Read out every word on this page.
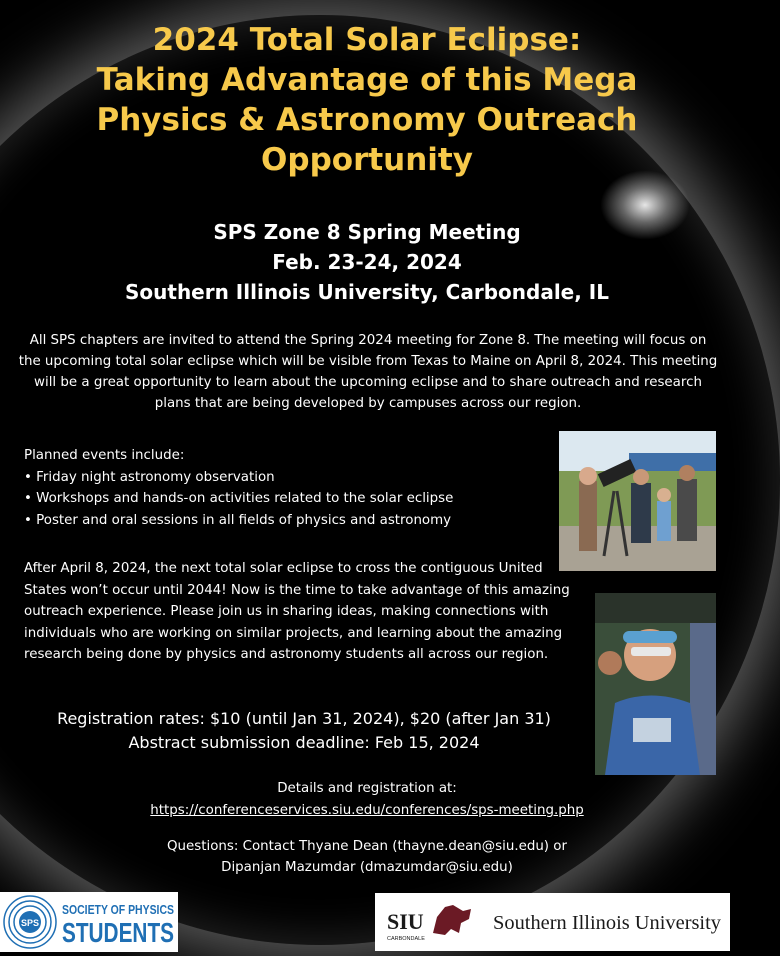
2024 Total Solar Eclipse:
Taking Advantage of this Mega
Physics & Astronomy Outreach
Opportunity
SPS Zone 8 Spring Meeting
Feb. 23-24, 2024
Southern Illinois University, Carbondale, IL

All SPS chapters are invited to attend the Spring 2024 meeting for Zone 8. The meeting will focus on the upcoming total solar eclipse which will be visible from Texas to Maine on April 8, 2024. This meeting will be a great opportunity to learn about the upcoming eclipse and to share outreach and research plans that are being developed by campuses across our region.

Planned events include:
• Friday night astronomy observation
• Workshops and hands-on activities related to the solar eclipse
• Poster and oral sessions in all fields of physics and astronomy

After April 8, 2024, the next total solar eclipse to cross the contiguous United States won’t occur until 2044! Now is the time to take advantage of this amazing outreach experience. Please join us in sharing ideas, making connections with individuals who are working on similar projects, and learning about the amazing research being done by physics and astronomy students all across our region.

Registration rates: $10 (until Jan 31, 2024), $20 (after Jan 31)
Abstract submission deadline: Feb 15, 2024
Details and registration at:
https://conferenceservices.siu.edu/conferences/sps-meeting.php
Questions: Contact Thyane Dean (thayne.dean@siu.edu) or
Dipanjan Mazumdar (dmazumdar@siu.edu)
SPS
SOCIETY OF PHYSICS
STUDENTS	SIU
CARBONDALE
Southern Illinois University
